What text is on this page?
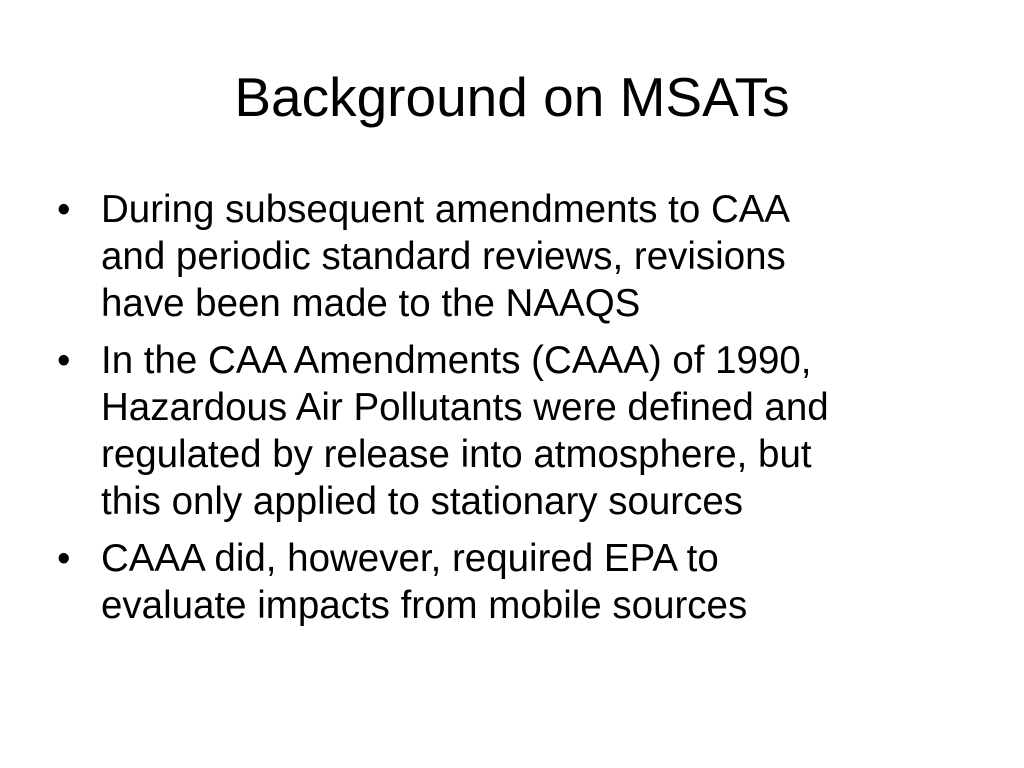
Background on MSATs
• During subsequent amendments to CAA
and periodic standard reviews, revisions
have been made to the NAAQS
• In the CAA Amendments (CAAA) of 1990,
Hazardous Air Pollutants were defined and
regulated by release into atmosphere, but
this only applied to stationary sources
• CAAA did, however, required EPA to
evaluate impacts from mobile sources
